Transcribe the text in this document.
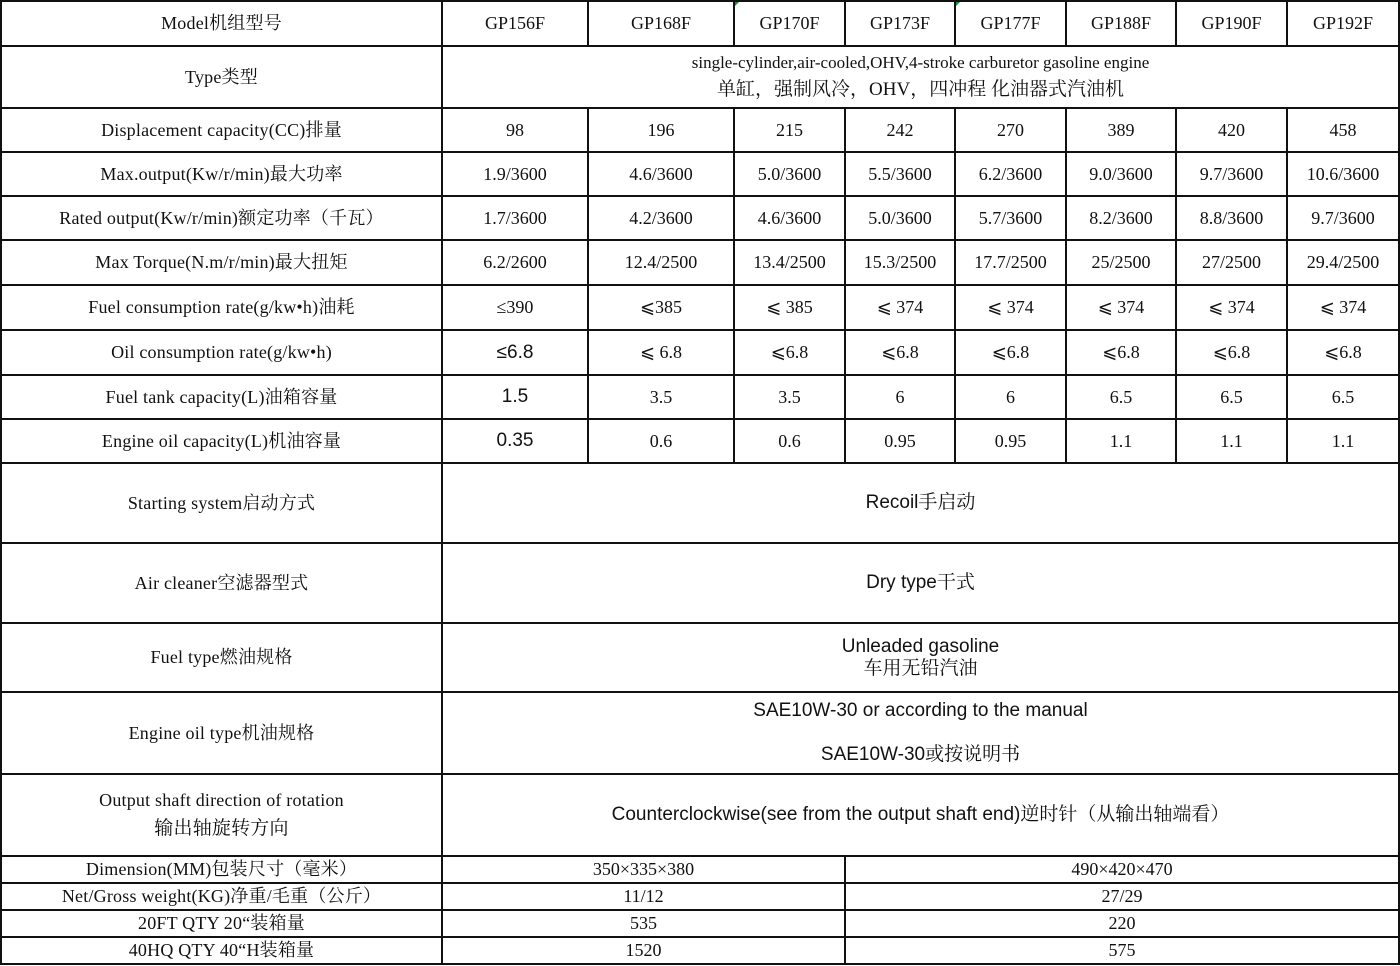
Model机组型号	GP156F	GP168F	GP170F	GP173F	GP177F	GP188F	GP190F	GP192F
Type类型	single-cylinder,air-cooled,OHV,4-stroke carburetor gasoline engine
单缸，强制风冷，OHV，四冲程 化油器式汽油机							

Displacement capacity(CC)排量	98	196	215	242	270	389	420	458
Max.output(Kw/r/min)最大功率	1.9/3600	4.6/3600	5.0/3600	5.5/3600	6.2/3600	9.0/3600	9.7/3600	10.6/3600
Rated output(Kw/r/min)额定功率（千瓦）	1.7/3600	4.2/3600	4.6/3600	5.0/3600	5.7/3600	8.2/3600	8.8/3600	9.7/3600
Max Torque(N.m/r/min)最大扭矩	6.2/2600	12.4/2500	13.4/2500	15.3/2500	17.7/2500	25/2500	27/2500	29.4/2500
Fuel consumption rate(g/kw•h)油耗	≤390	⩽385	⩽ 385	⩽ 374	⩽ 374	⩽ 374	⩽ 374	⩽ 374
Oil consumption rate(g/kw•h)	≤6.8	⩽ 6.8	⩽6.8	⩽6.8	⩽6.8	⩽6.8	⩽6.8	⩽6.8
Fuel tank capacity(L)油箱容量	1.5	3.5	3.5	6	6	6.5	6.5	6.5
Engine oil capacity(L)机油容量	0.35	0.6	0.6	0.95	0.95	1.1	1.1	1.1
Starting system启动方式	Recoil手启动							
Air cleaner空滤器型式	Dry type干式							
Fuel type燃油规格	Unleaded gasoline
车用无铅汽油							

Engine oil type机油规格	SAE10W-30 or according to the manual
SAE10W-30或按说明书							

Output shaft direction of rotation
输出轴旋转方向	Counterclockwise(see from the output shaft end)逆时针（从输出轴端看）							
Dimension(MM)包装尺寸（毫米）	350×335×380			490×420×470				
Net/Gross weight(KG)净重/毛重（公斤）	11/12			27/29				
20FT QTY 20“装箱量	535			220				
40HQ QTY 40“H装箱量	1520			575				
